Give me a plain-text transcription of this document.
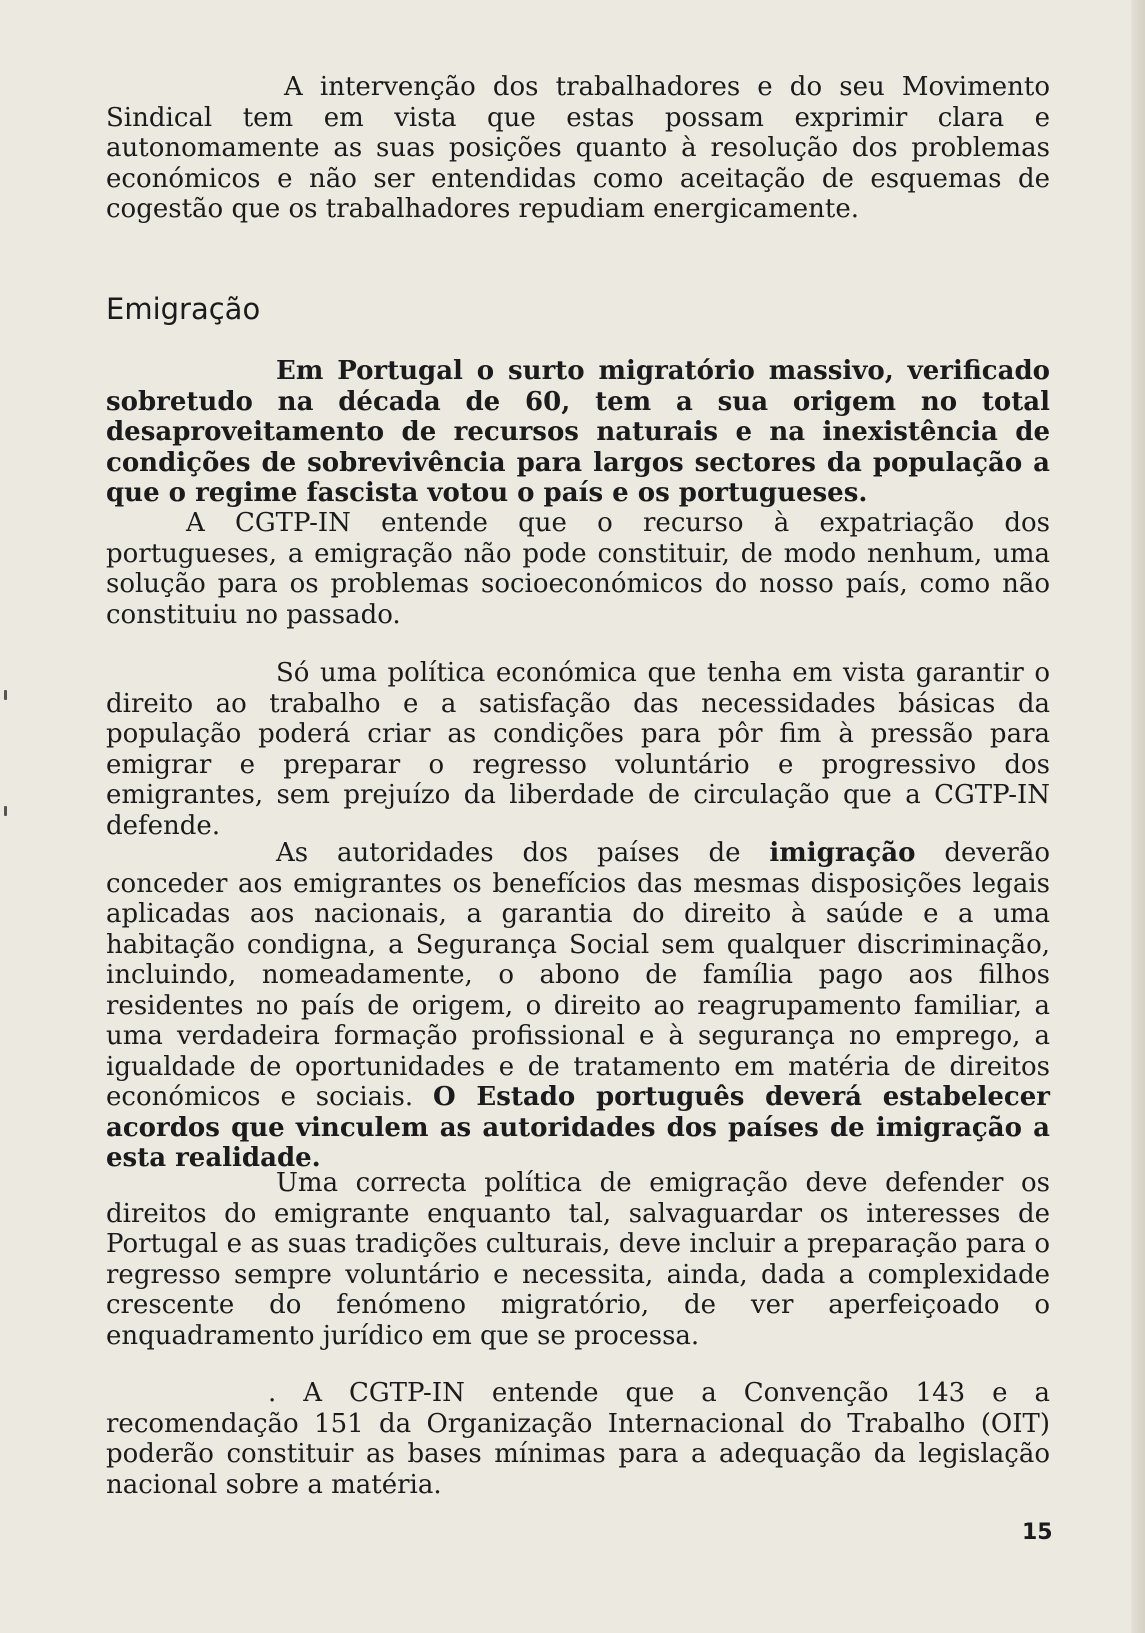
A intervenção dos trabalhadores e do seu Movimento Sindical tem em vista que estas possam exprimir clara e autonomamente as suas posições quanto à resolução dos problemas económicos e não ser entendidas como aceitação de esquemas de cogestão que os trabalhadores repudiam energicamente.

Emigração

Em Portugal o surto migratório massivo, verificado sobretudo na década de 60, tem a sua origem no total desaproveitamento de recursos naturais e na inexistência de condições de sobrevivência para largos sectores da população a que o regime fascista votou o país e os portugueses.

A CGTP-IN entende que o recurso à expatriação dos portugueses, a emigração não pode constituir, de modo nenhum, uma solução para os problemas socioeconómicos do nosso país, como não constituiu no passado.

Só uma política económica que tenha em vista garantir o direito ao trabalho e a satisfação das necessidades básicas da população poderá criar as condições para pôr fim à pressão para emigrar e preparar o regresso voluntário e progressivo dos emigrantes, sem prejuízo da liberdade de circulação que a CGTP-IN defende.

As autoridades dos países de imigração deverão conceder aos emigrantes os benefícios das mesmas disposições legais aplicadas aos nacionais, a garantia do direito à saúde e a uma habitação condigna, a Segurança Social sem qualquer discriminação, incluindo, nomeadamente, o abono de família pago aos filhos residentes no país de origem, o direito ao reagrupamento familiar, a uma verdadeira formação profissional e à segurança no emprego, a igualdade de oportunidades e de tratamento em matéria de direitos económicos e sociais. O Estado português deverá estabelecer acordos que vinculem as autoridades dos países de imigração a esta realidade.

Uma correcta política de emigração deve defender os direitos do emigrante enquanto tal, salvaguardar os interesses de Portugal e as suas tradições culturais, deve incluir a preparação para o regresso sempre voluntário e necessita, ainda, dada a complexidade crescente do fenómeno migratório, de ver aperfeiçoado o enquadramento jurídico em que se processa.

. A CGTP-IN entende que a Convenção 143 e a recomendação 151 da Organização Internacional do Trabalho (OIT) poderão constituir as bases mínimas para a adequação da legislação nacional sobre a matéria.

15
